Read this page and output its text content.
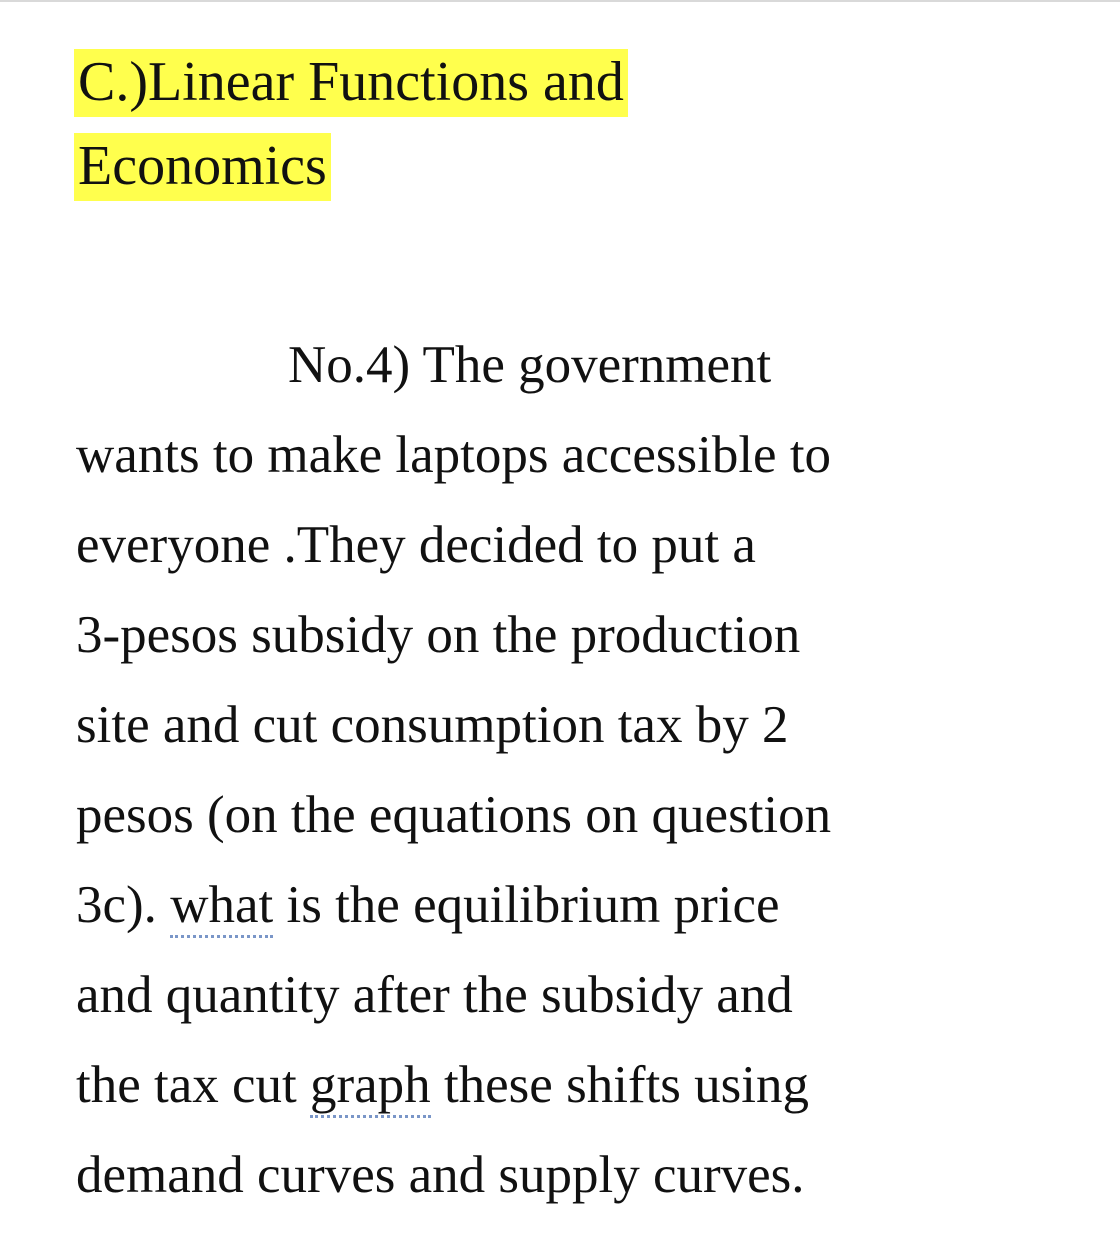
C.)Linear Functions and
Economics

No.4) The government
wants to make laptops accessible to
everyone .They decided to put a
3-pesos subsidy on the production
site and cut consumption tax by 2
pesos (on the equations on question
3c). what is the equilibrium price
and quantity after the subsidy and
the tax cut graph these shifts using
demand curves and supply curves.
